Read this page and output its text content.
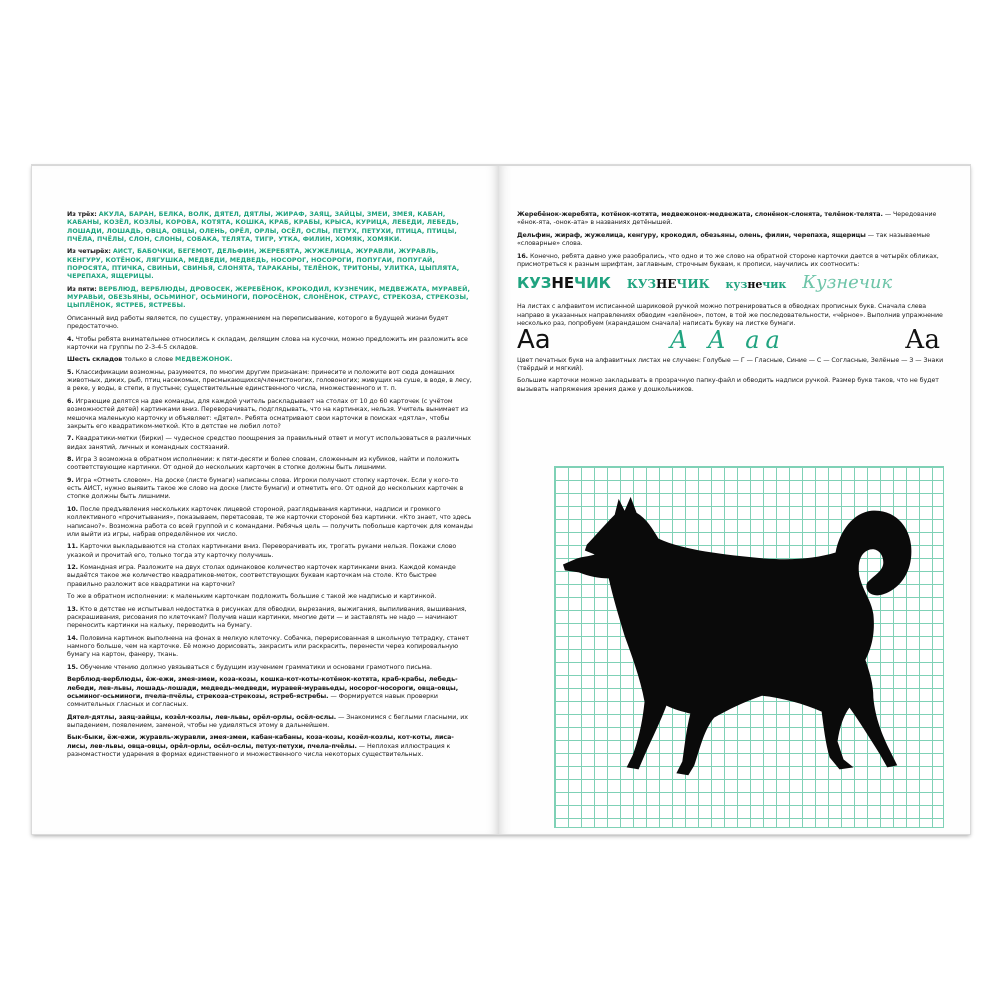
Из трёх: АКУЛА, БАРАН, БЕЛКА, ВОЛК, ДЯТЕЛ, ДЯТЛЫ, ЖИРАФ, ЗАЯЦ, ЗАЙЦЫ, ЗМЕИ, ЗМЕЯ, КАБАН, КАБАНЫ, КОЗЁЛ, КОЗЛЫ, КОРОВА, КОТЯТА, КОШКА, КРАБ, КРАБЫ, КРЫСА, КУРИЦА, ЛЕБЕДИ, ЛЕБЕДЬ, ЛОШАДИ, ЛОШАДЬ, ОВЦА, ОВЦЫ, ОЛЕНЬ, ОРЁЛ, ОРЛЫ, ОСЁЛ, ОСЛЫ, ПЕТУХ, ПЕТУХИ, ПТИЦА, ПТИЦЫ, ПЧЁЛА, ПЧЁЛЫ, СЛОН, СЛОНЫ, СОБАКА, ТЕЛЯТА, ТИГР, УТКА, ФИЛИН, ХОМЯК, ХОМЯКИ.

Из четырёх: АИСТ, БАБОЧКИ, БЕГЕМОТ, ДЕЛЬФИН, ЖЕРЕБЯТА, ЖУЖЕЛИЦА, ЖУРАВЛИ, ЖУРАВЛЬ, КЕНГУРУ, КОТЁНОК, ЛЯГУШКА, МЕДВЕДИ, МЕДВЕДЬ, НОСОРОГ, НОСОРОГИ, ПОПУГАИ, ПОПУГАЙ, ПОРОСЯТА, ПТИЧКА, СВИНЬИ, СВИНЬЯ, СЛОНЯТА, ТАРАКАНЫ, ТЕЛЁНОК, ТРИТОНЫ, УЛИТКА, ЦЫПЛЯТА, ЧЕРЕПАХА, ЯЩЕРИЦЫ.

Из пяти: ВЕРБЛЮД, ВЕРБЛЮДЫ, ДРОВОСЕК, ЖЕРЕБЁНОК, КРОКОДИЛ, КУЗНЕЧИК, МЕДВЕЖАТА, МУРАВЕЙ, МУРАВЬИ, ОБЕЗЬЯНЫ, ОСЬМИНОГ, ОСЬМИНОГИ, ПОРОСЁНОК, СЛОНЁНОК, СТРАУС, СТРЕКОЗА, СТРЕКОЗЫ, ЦЫПЛЁНОК, ЯСТРЕБ, ЯСТРЕБЫ.

Описанный вид работы является, по существу, упражнением на переписывание, которого в будущей жизни будет предостаточно.

4. Чтобы ребята внимательнее относились к складам, делящим слова на кусочки, можно предложить им разложить все карточки на группы по 2-3-4-5 складов.

Шесть складов только в слове МЕДВЕЖОНОК.

5. Классификации возможны, разумеется, по многим другим признакам: принесите и положите вот сюда домашних животных, диких, рыб, птиц насекомых, пресмыкающихся/членистоногих, головоногих; живущих на суше, в воде, в лесу, в реке, у воды, в степи, в пустыне; существительные единственного числа, множественного и т. п.

6. Играющие делятся на две команды, для каждой учитель раскладывает на столах от 10 до 60 карточек (с учётом возможностей детей) картинками вниз. Переворачивать, подглядывать, что на картинках, нельзя. Учитель вынимает из мешочка маленькую карточку и объявляет: «Дятел». Ребята осматривают свои карточки в поисках «дятла», чтобы закрыть его квадратиком-меткой. Кто в детстве не любил лото?

7. Квадратики-метки (бирки) — чудесное средство поощрения за правильный ответ и могут использоваться в различных видах занятий, личных и командных состязаний.

8. Игра 3 возможна в обратном исполнении: к пяти-десяти и более словам, сложенным из кубиков, найти и положить соответствующие картинки. От одной до нескольких карточек в стопке должны быть лишними.

9. Игра «Отметь словом». На доске (листе бумаги) написаны слова. Игроки получают стопку карточек. Если у кого-то есть АИСТ, нужно выявить такое же слово на доске (листе бумаги) и отметить его. От одной до нескольких карточек в стопке должны быть лишними.

10. После предъявления нескольких карточек лицевой стороной, разглядывания картинки, надписи и громкого коллективного «прочитывания», показываем, перетасовав, те же карточки стороной без картинки. «Кто знает, что здесь написано?». Возможна работа со всей группой и с командами. Ребячья цель — получить побольше карточек для команды или выйти из игры, набрав определённое их число.

11. Карточки выкладываются на столах картинками вниз. Переворачивать их, трогать руками нельзя. Покажи слово указкой и прочитай его, только тогда эту карточку получишь.

12. Командная игра. Разложите на двух столах одинаковое количество карточек картинками вниз. Каждой команде выдаётся такое же количество квадратиков-меток, соответствующих буквам карточкам на столе. Кто быстрее правильно разложит все квадратики на карточки?

То же в обратном исполнении: к маленьким карточкам подложить большие с такой же надписью и картинкой.

13. Кто в детстве не испытывал недостатка в рисунках для обводки, вырезания, выжигания, выпиливания, вышивания, раскрашивания, рисования по клеточкам? Получив наши картинки, многие дети — и заставлять не надо — начинают переносить картинки на кальку, переводить на бумагу.

14. Половина картинок выполнена на фонах в мелкую клеточку. Собачка, перерисованная в школьную тетрадку, станет намного больше, чем на карточке. Её можно дорисовать, закрасить или раскрасить, перенести через копировальную бумагу на картон, фанеру, ткань.

15. Обучение чтению должно увязываться с будущим изучением грамматики и основами грамотного письма.

Верблюд-верблюды, ёж-ежи, змея-змеи, коза-козы, кошка-кот-коты-котёнок-котята, краб-крабы, лебедь-лебеди, лев-львы, лошадь-лошади, медведь-медведи, муравей-муравьеды, носорог-носороги, овца-овцы, осьминог-осьминоги, пчела-пчёлы, стрекоза-стрекозы, ястреб-ястребы. — Формируется навык проверки сомнительных гласных и согласных.

Дятел-дятлы, заяц-зайцы, козёл-козлы, лев-львы, орёл-орлы, осёл-ослы. — Знакомимся с беглыми гласными, их выпадением, появлением, заменой, чтобы не удивляться этому в дальнейшем.

Бык-быки, ёж-ежи, журавль-журавли, змея-змеи, кабан-кабаны, коза-козы, козёл-козлы, кот-коты, лиса-лисы, лев-львы, овца-овцы, орёл-орлы, осёл-ослы, петух-петухи, пчела-пчёлы. — Неплохая иллюстрация к разномастности ударения в формах единственного и множественного числа некоторых существительных.

Жеребёнок-жеребята, котёнок-котята, медвежонок-медвежата, слонёнок-слонята, телёнок-телята. — Чередование «ёнок-ята, -онок-ата» в названиях детёнышей.

Дельфин, жираф, жужелица, кенгуру, крокодил, обезьяны, олень, филин, черепаха, ящерицы — так называемые «словарные» слова.

16. Конечно, ребята давно уже разобрались, что одно и то же слово на обратной стороне карточки дается в четырёх обликах, присмотреться к разным шрифтам, заглавным, строчным буквам, к прописи, научились их соотносить:

КУЗНЕЧИК КУЗНЕЧИК кузнечик Кузнечик

На листах с алфавитом исписанной шариковой ручкой можно потренироваться в обводках прописных букв. Сначала слева направо в указанных направлениях обводим «зелёное», потом, в той же последовательности, «чёрное». Выполнив упражнение несколько раз, попробуем (карандашом сначала) написать букву на листке бумаги.

Аа	А А аа	Аа

Цвет печатных букв на алфавитных листах не случаен: Голубые — Г — Гласные, Синие — С — Согласные, Зелёные — З — Знаки (твёрдый и мягкий).

Большие карточки можно закладывать в прозрачную папку-файл и обводить надписи ручкой. Размер букв таков, что не будет вызывать напряжения зрения даже у дошкольников.
